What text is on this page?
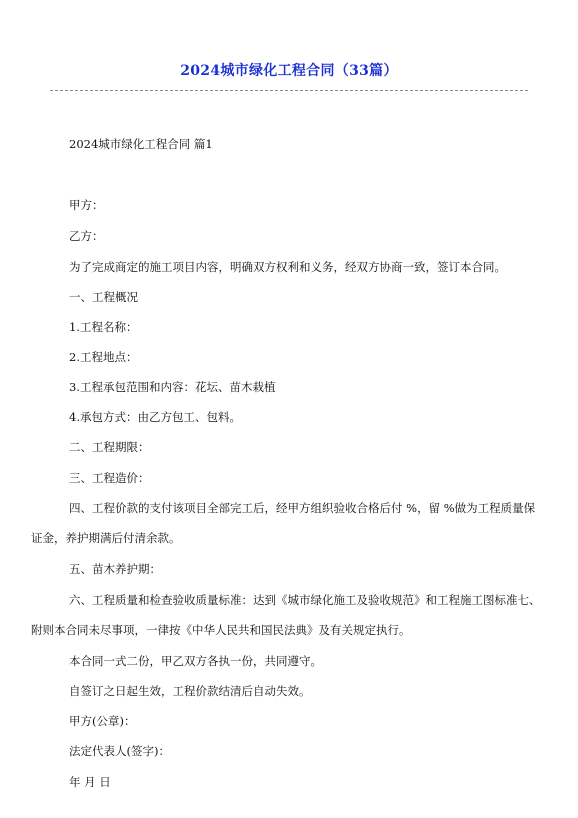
2024城市绿化工程合同（33篇）
2024城市绿化工程合同 篇1
甲方：
乙方：
为了完成商定的施工项目内容，明确双方权利和义务，经双方协商一致，签订本合同。
一、工程概况
1.工程名称：
2.工程地点：
3.工程承包范围和内容：花坛、苗木栽植
4.承包方式：由乙方包工、包料。
二、工程期限：
三、工程造价：
四、工程价款的支付该项目全部完工后，经甲方组织验收合格后付 %，留 %做为工程质量保
证金，养护期满后付清余款。
五、苗木养护期：
六、工程质量和检查验收质量标准：达到《城市绿化施工及验收规范》和工程施工图标准七、
附则本合同未尽事项，一律按《中华人民共和国民法典》及有关规定执行。
本合同一式二份，甲乙双方各执一份，共同遵守。
自签订之日起生效，工程价款结清后自动失效。
甲方(公章)：
法定代表人(签字)：
年 月 日
